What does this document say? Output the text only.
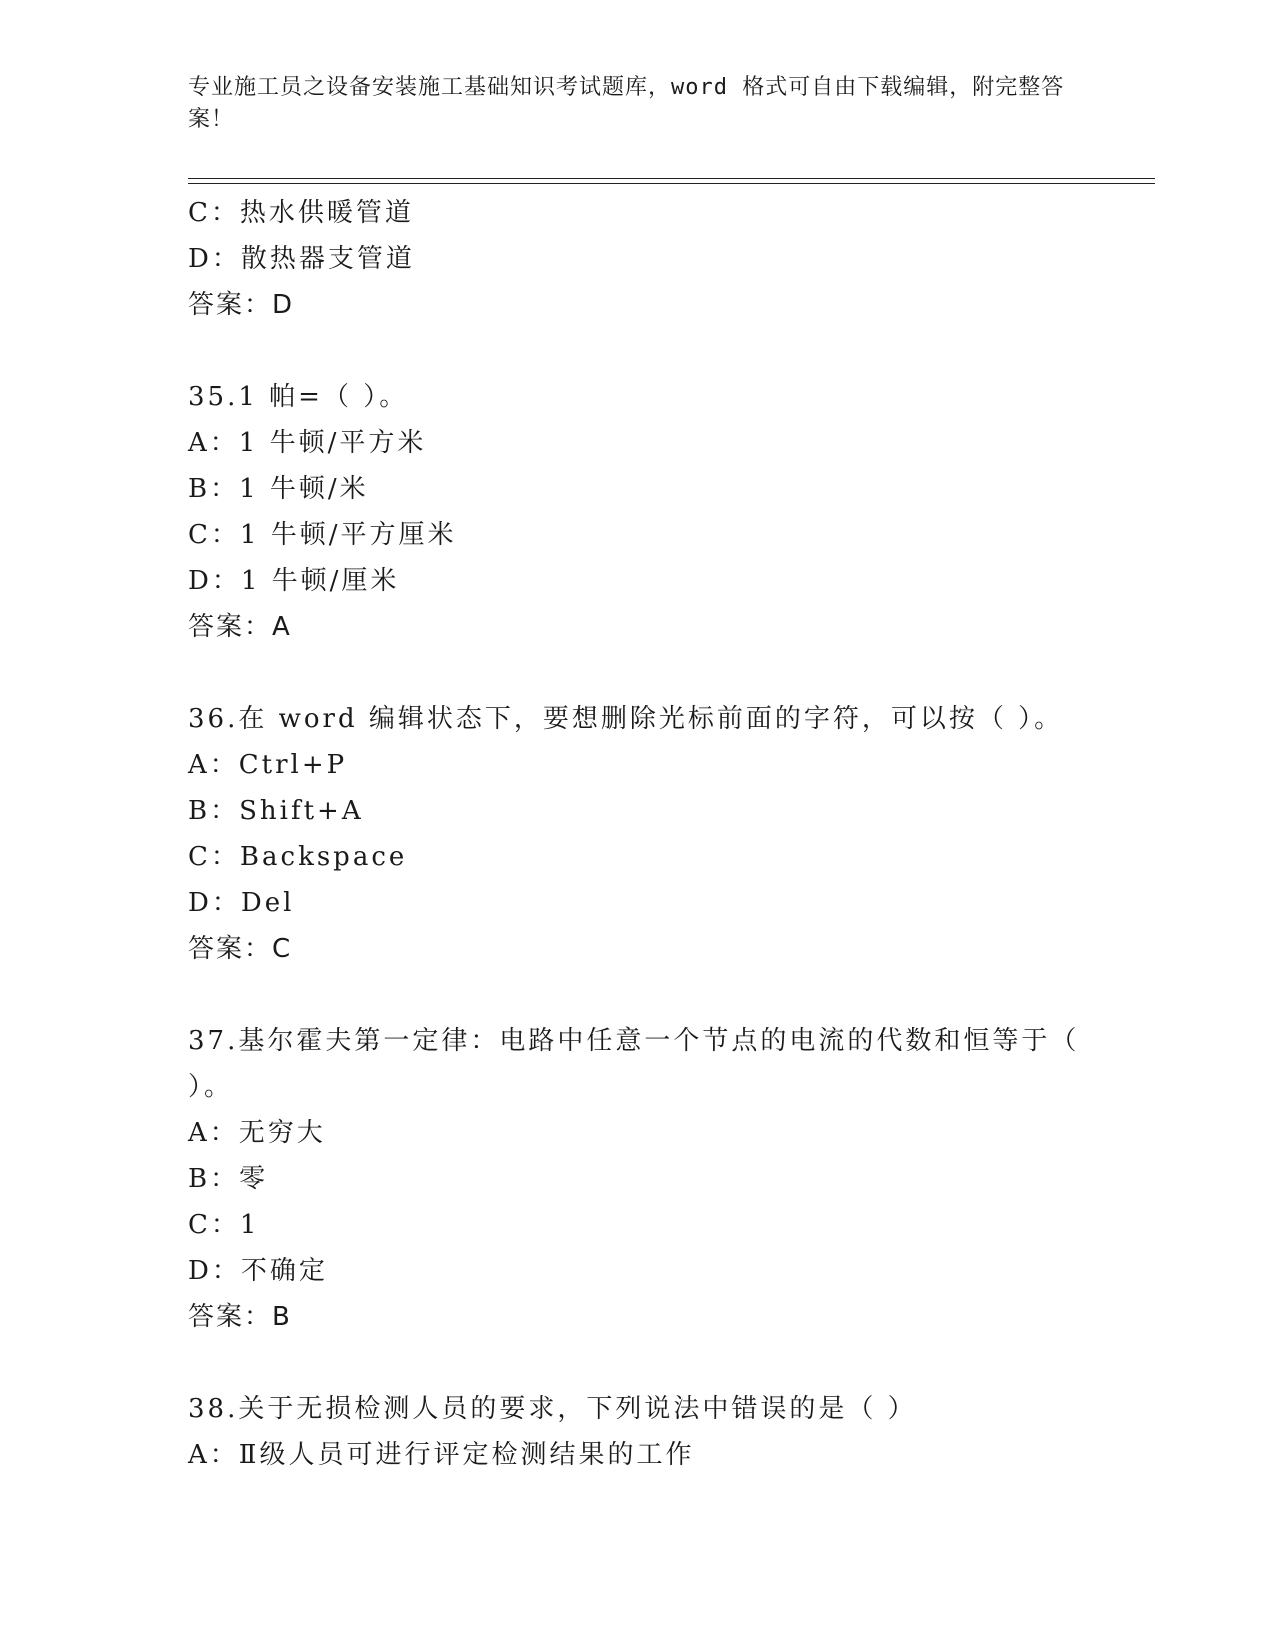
专业施工员之设备安装施工基础知识考试题库，word 格式可自由下载编辑，附完整答案！
C：热水供暖管道
D：散热器支管道
答案：D
35.1 帕=（ ）。
A：1 牛顿/平方米
B：1 牛顿/米
C：1 牛顿/平方厘米
D：1 牛顿/厘米
答案：A
36.在 word 编辑状态下，要想删除光标前面的字符，可以按（ ）。
A：Ctrl+P
B：Shift+A
C：Backspace
D：Del
答案：C
37.基尔霍夫第一定律：电路中任意一个节点的电流的代数和恒等于（ ）。
A：无穷大
B：零
C：1
D：不确定
答案：B
38.关于无损检测人员的要求，下列说法中错误的是（ ）
A：Ⅱ级人员可进行评定检测结果的工作
